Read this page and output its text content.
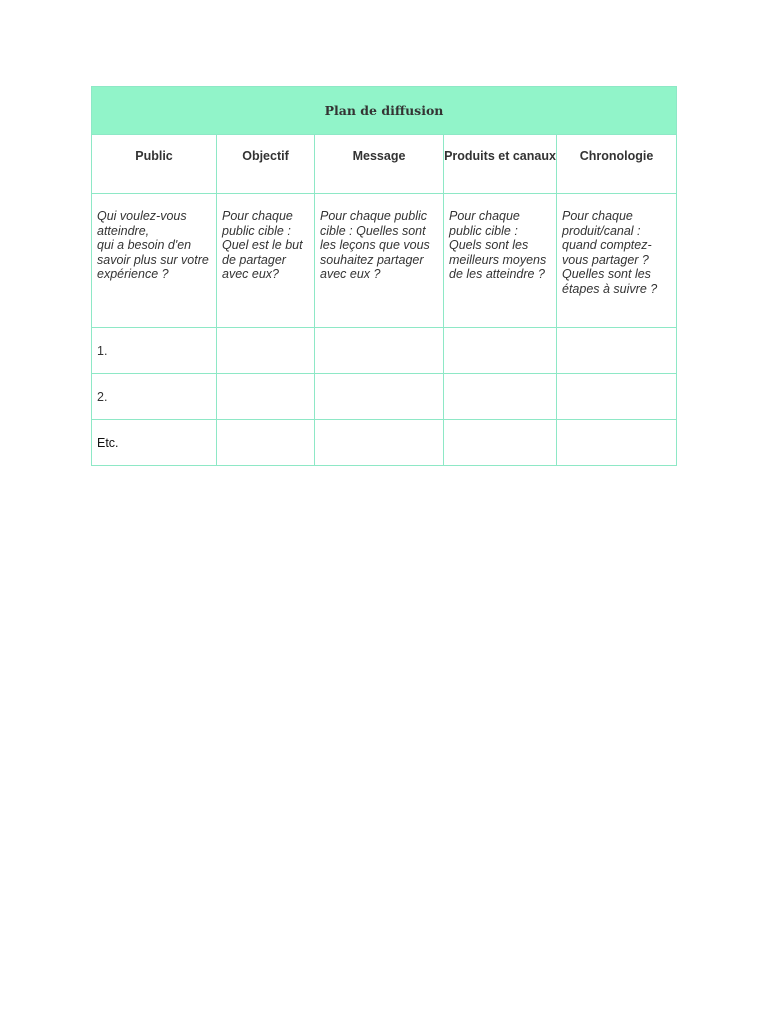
Plan de diffusion				
Public	Objectif	Message	Produits et canaux	Chronologie

Qui voulez-vous atteindre,
qui a besoin d'en savoir plus sur votre expérience ?	Pour chaque public cible : Quel est le but de partager avec eux?	Pour chaque public cible : Quelles sont les leçons que vous souhaitez partager avec eux ?	Pour chaque public cible : Quels sont les meilleurs moyens de les atteindre ?	Pour chaque produit/canal : quand comptez-vous partager ? Quelles sont les étapes à suivre ?

1.				
2.				
Etc.				
